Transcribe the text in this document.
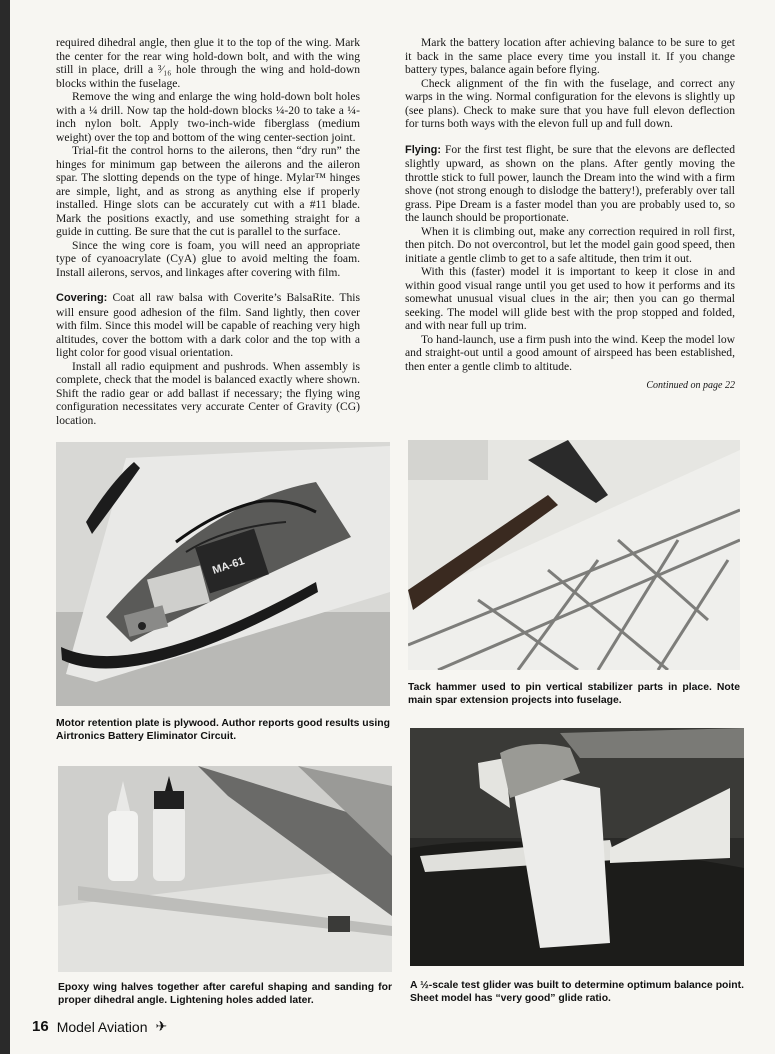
required dihedral angle, then glue it to the top of the wing. Mark the center for the rear wing hold-down bolt, and with the wing still in place, drill a ³⁄₁₆ hole through the wing and hold-down blocks within the fuselage.

Remove the wing and enlarge the wing hold-down bolt holes with a ¼ drill. Now tap the hold-down blocks ¼-20 to take a ¼-inch nylon bolt. Apply two-inch-wide fiberglass (medium weight) over the top and bottom of the wing center-section joint.

Trial-fit the control horns to the ailerons, then “dry run” the hinges for minimum gap between the ailerons and the aileron spar. The slotting depends on the type of hinge. Mylar™ hinges are simple, light, and as strong as anything else if properly installed. Hinge slots can be accurately cut with a #11 blade. Mark the positions exactly, and use something straight for a guide in cutting. Be sure that the cut is parallel to the surface.

Since the wing core is foam, you will need an appropriate type of cyanoacrylate (CyA) glue to avoid melting the foam. Install ailerons, servos, and linkages after covering with film.

Covering: Coat all raw balsa with Coverite’s BalsaRite. This will ensure good adhesion of the film. Sand lightly, then cover with film. Since this model will be capable of reaching very high altitudes, cover the bottom with a dark color and the top with a light color for good visual orientation.

Install all radio equipment and pushrods. When assembly is complete, check that the model is balanced exactly where shown. Shift the radio gear or add ballast if necessary; the flying wing configuration necessitates very accurate Center of Gravity (CG) location.

Mark the battery location after achieving balance to be sure to get it back in the same place every time you install it. If you change battery types, balance again before flying.

Check alignment of the fin with the fuselage, and correct any warps in the wing. Normal configuration for the elevons is slightly up (see plans). Check to make sure that you have full elevon deflection for turns both ways with the elevon full up and full down.

Flying: For the first test flight, be sure that the elevons are deflected slightly upward, as shown on the plans. After gently moving the throttle stick to full power, launch the Dream into the wind with a firm shove (not strong enough to dislodge the battery!), preferably over tall grass. Pipe Dream is a faster model than you are probably used to, so the launch should be proportionate.

When it is climbing out, make any correction required in roll first, then pitch. Do not overcontrol, but let the model gain good speed, then initiate a gentle climb to get to a safe altitude, then trim it out.

With this (faster) model it is important to keep it close in and within good visual range until you get used to how it performs and its somewhat unusual visual clues in the air; then you can go thermal seeking. The model will glide best with the prop stopped and folded, and with near full up trim.

To hand-launch, use a firm push into the wind. Keep the model low and straight-out until a good amount of airspeed has been established, then enter a gentle climb to altitude.

Continued on page 22
MA-61
Motor retention plate is plywood. Author reports good results using Airtronics Battery Eliminator Circuit.
Tack hammer used to pin vertical stabilizer parts in place. Note main spar extension projects into fuselage.
Epoxy wing halves together after careful shaping and sanding for proper dihedral angle. Lightening holes added later.
A ½-scale test glider was built to determine optimum balance point. Sheet model has “very good” glide ratio.
16 Model Aviation ✈
